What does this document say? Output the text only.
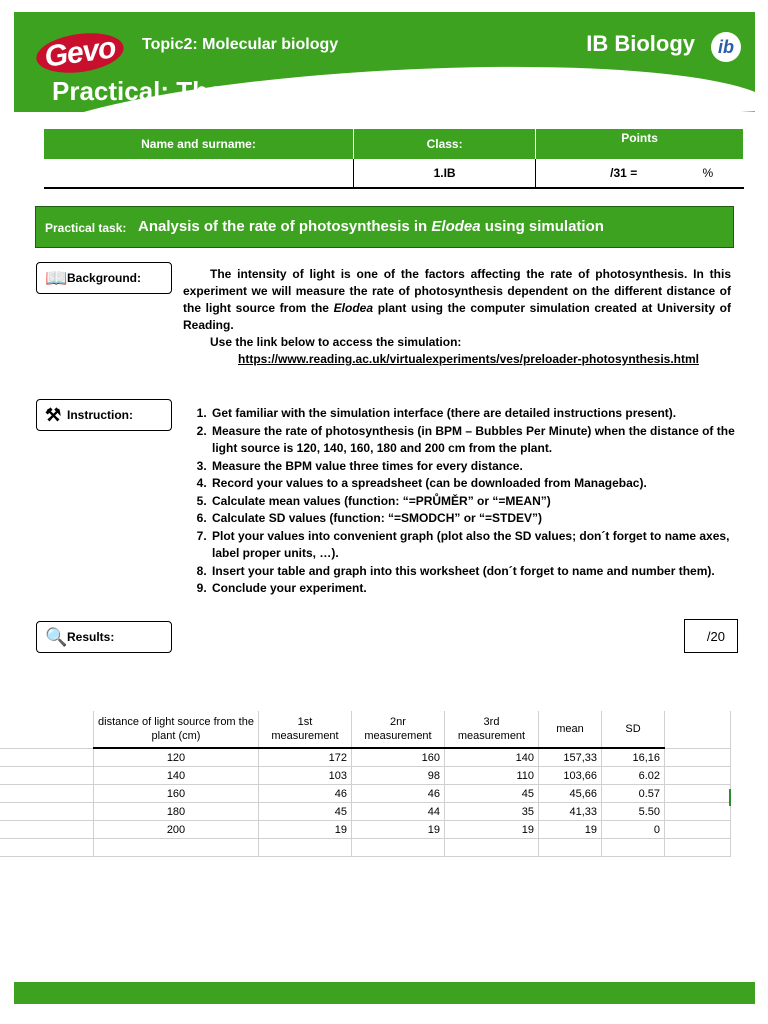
Gevo	Topic2: Molecular biology	IB Biology	ib
Practical: The rate of photosynthesis
Name and surname:	Class:	Points
	1.IB	/31 = %
Practical task: Analysis of the rate of photosynthesis in Elodea using simulation
📖 Background:	The intensity of light is one of the factors affecting the rate of photosynthesis. In this experiment we will measure the rate of photosynthesis dependent on the different distance of the light source from the Elodea plant using the computer simulation created at University of Reading.

Use the link below to access the simulation:

https://www.reading.ac.uk/virtualexperiments/ves/preloader-photosynthesis.html

⚒ Instruction:	1. Get familiar with the simulation interface (there are detailed instructions present).
2. Measure the rate of photosynthesis (in BPM – Bubbles Per Minute) when the distance of the light source is 120, 140, 160, 180 and 200 cm from the plant.
3. Measure the BPM value three times for every distance.
4. Record your values to a spreadsheet (can be downloaded from Managebac).
5. Calculate mean values (function: “=PRŮMĚR” or “=MEAN”)
6. Calculate SD values (function: “=SMODCH” or “=STDEV”)
7. Plot your values into convenient graph (plot also the SD values; don´t forget to name axes, label proper units, …).
8. Insert your table and graph into this worksheet (don´t forget to name and number them).
9. Conclude your experiment.
🔍 Results:	/20
	distance of light source from the plant (cm)	1st measurement	2nr measurement	3rd measurement	mean	SD	
	120	172	160	140	157,33	16,16	
	140	103	98	110	103,66	6.02	
	160	46	46	45	45,66	0.57	
	180	45	44	35	41,33	5.50	
	200	19	19	19	19	0	
